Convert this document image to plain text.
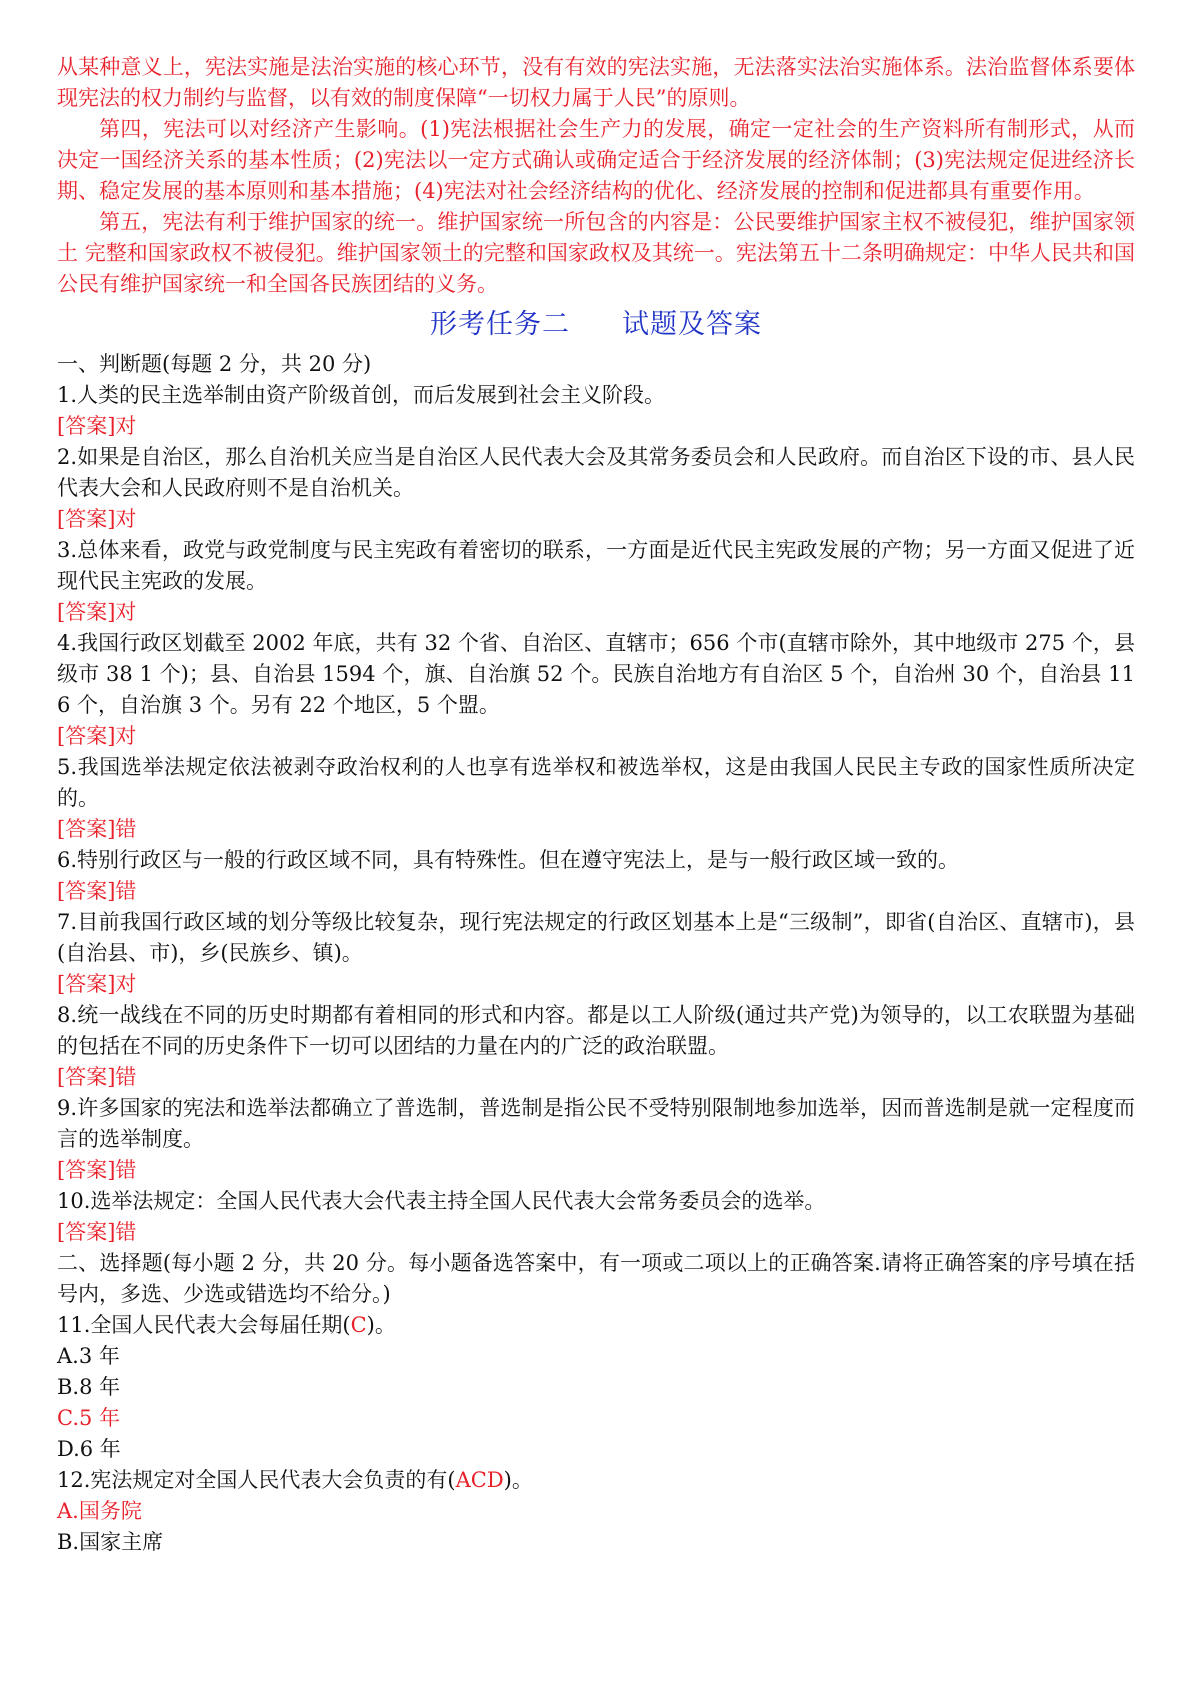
从某种意义上，宪法实施是法治实施的核心环节，没有有效的宪法实施，无法落实法治实施体系。法治监督体系要体现宪法的权力制约与监督，以有效的制度保障“一切权力属于人民”的原则。

第四，宪法可以对经济产生影响。(1)宪法根据社会生产力的发展，确定一定社会的生产资料所有制形式，从而决定一国经济关系的基本性质；(2)宪法以一定方式确认或确定适合于经济发展的经济体制；(3)宪法规定促进经济长期、稳定发展的基本原则和基本措施；(4)宪法对社会经济结构的优化、经济发展的控制和促进都具有重要作用。

第五，宪法有利于维护国家的统一。维护国家统一所包含的内容是：公民要维护国家主权不被侵犯，维护国家领土 完整和国家政权不被侵犯。维护国家领土的完整和国家政权及其统一。宪法第五十二条明确规定：中华人民共和国公民有维护国家统一和全国各民族团结的义务。

形考任务二 试题及答案

一、判断题(每题 2 分，共 20 分)

1.人类的民主选举制由资产阶级首创，而后发展到社会主义阶段。

[答案]对

2.如果是自治区，那么自治机关应当是自治区人民代表大会及其常务委员会和人民政府。而自治区下设的市、县人民代表大会和人民政府则不是自治机关。

[答案]对

3.总体来看，政党与政党制度与民主宪政有着密切的联系，一方面是近代民主宪政发展的产物；另一方面又促进了近现代民主宪政的发展。

[答案]对

4.我国行政区划截至 2002 年底，共有 32 个省、自治区、直辖市；656 个市(直辖市除外，其中地级市 275 个，县级市 38 1 个)；县、自治县 1594 个，旗、自治旗 52 个。民族自治地方有自治区 5 个，自治州 30 个，自治县 116 个，自治旗 3 个。另有 22 个地区，5 个盟。

[答案]对

5.我国选举法规定依法被剥夺政治权利的人也享有选举权和被选举权，这是由我国人民民主专政的国家性质所决定的。

[答案]错

6.特别行政区与一般的行政区域不同，具有特殊性。但在遵守宪法上，是与一般行政区域一致的。

[答案]错

7.目前我国行政区域的划分等级比较复杂，现行宪法规定的行政区划基本上是“三级制”，即省(自治区、直辖市)，县(自治县、市)，乡(民族乡、镇)。

[答案]对

8.统一战线在不同的历史时期都有着相同的形式和内容。都是以工人阶级(通过共产党)为领导的，以工农联盟为基础的包括在不同的历史条件下一切可以团结的力量在内的广泛的政治联盟。

[答案]错

9.许多国家的宪法和选举法都确立了普选制，普选制是指公民不受特别限制地参加选举，因而普选制是就一定程度而言的选举制度。

[答案]错

10.选举法规定：全国人民代表大会代表主持全国人民代表大会常务委员会的选举。

[答案]错

二、选择题(每小题 2 分，共 20 分。每小题备选答案中，有一项或二项以上的正确答案.请将正确答案的序号填在括号内，多选、少选或错选均不给分。)

11.全国人民代表大会每届任期(C)。

A.3 年

B.8 年

C.5 年

D.6 年

12.宪法规定对全国人民代表大会负责的有(ACD)。

A.国务院

B.国家主席
